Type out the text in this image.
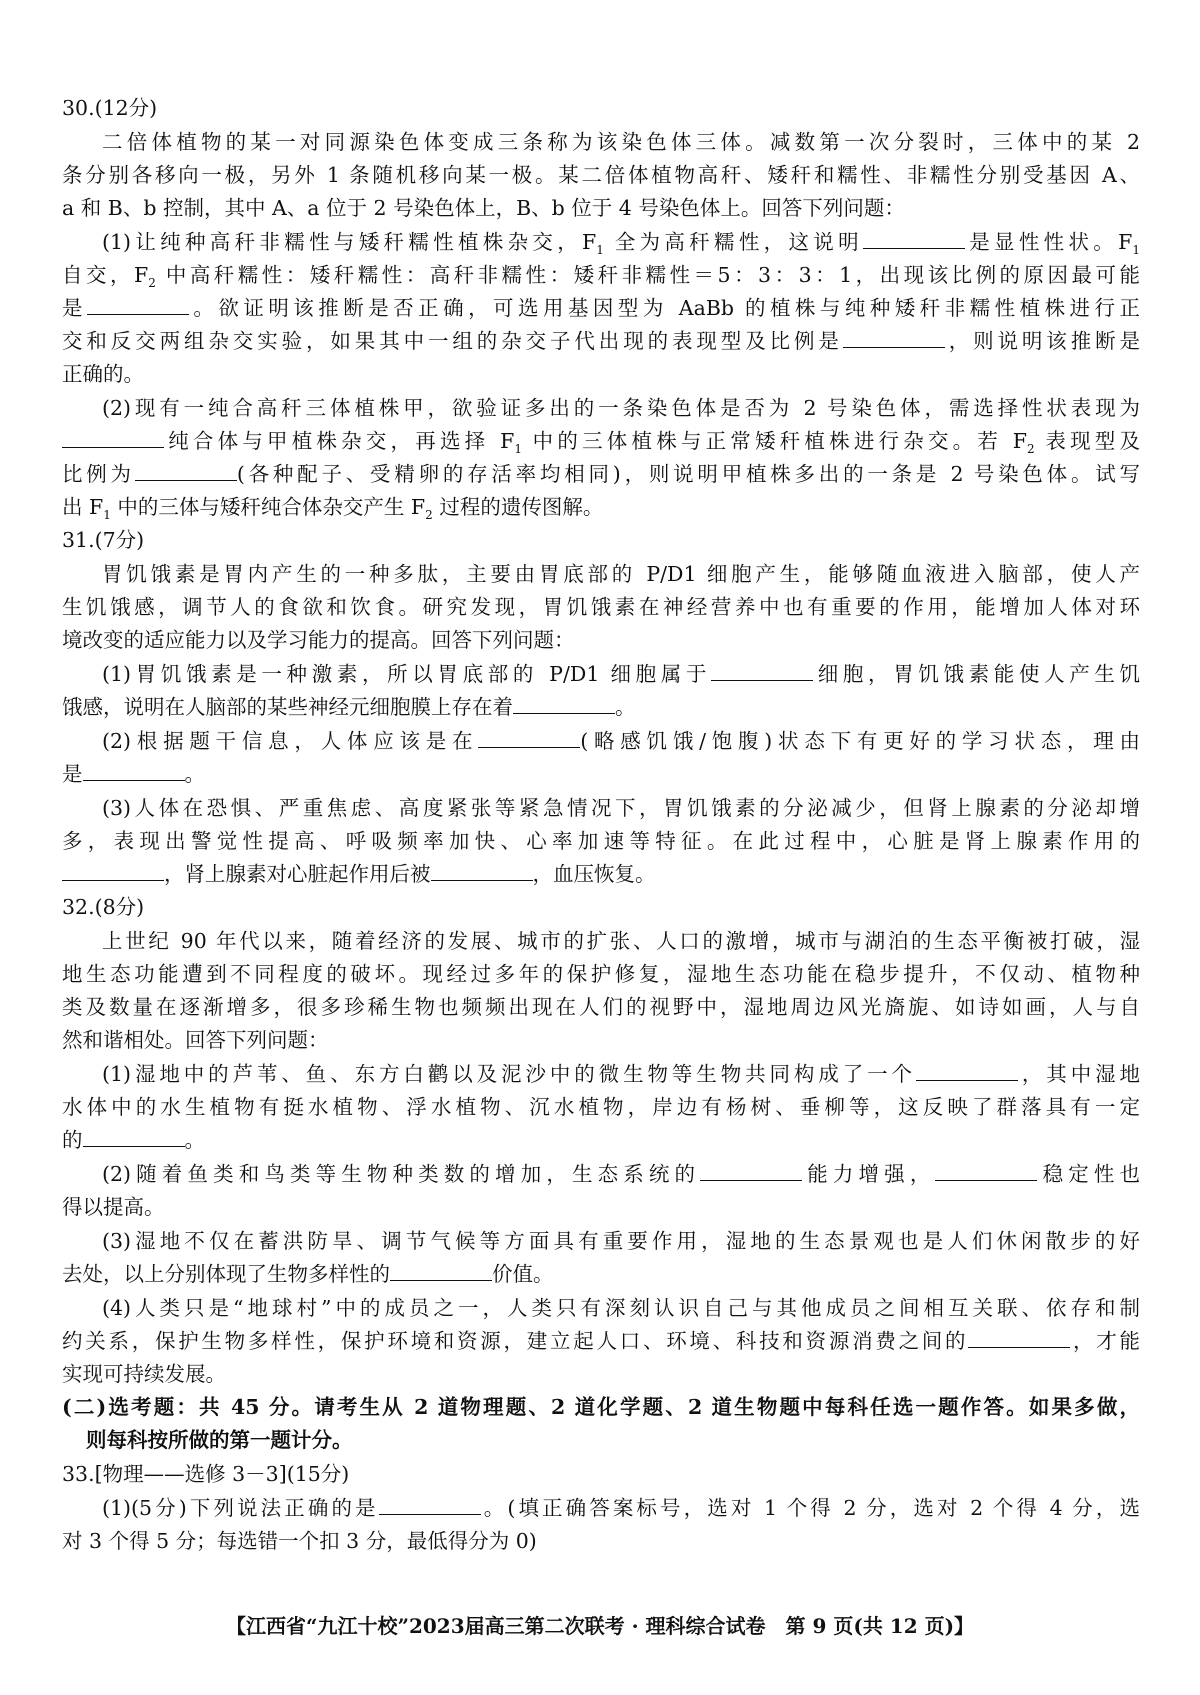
30.(12分)
二倍体植物的某一对同源染色体变成三条称为该染色体三体。减数第一次分裂时，三体中的某 2
条分别各移向一极，另外 1 条随机移向某一极。某二倍体植物高秆、矮秆和糯性、非糯性分别受基因 A、
a 和 B、b 控制，其中 A、a 位于 2 号染色体上，B、b 位于 4 号染色体上。回答下列问题：
(1)让纯种高秆非糯性与矮秆糯性植株杂交，$F_1$ 全为高秆糯性，这说明	是显性性状。$F_1$
自交，$F_2$ 中高秆糯性：矮秆糯性：高秆非糯性：矮秆非糯性＝5：3：3：1，出现该比例的原因最可能
是	。欲证明该推断是否正确，可选用基因型为 AaBb 的植株与纯种矮秆非糯性植株进行正
交和反交两组杂交实验，如果其中一组的杂交子代出现的表现型及比例是	，则说明该推断是
正确的。
(2)现有一纯合高秆三体植株甲，欲验证多出的一条染色体是否为 2 号染色体，需选择性状表现为
纯合体与甲植株杂交，再选择 $F_1$ 中的三体植株与正常矮秆植株进行杂交。若 $F_2$ 表现型及
比例为	(各种配子、受精卵的存活率均相同)，则说明甲植株多出的一条是 2 号染色体。试写
出 $F_1$ 中的三体与矮秆纯合体杂交产生 $F_2$ 过程的遗传图解。
31.(7分)
胃饥饿素是胃内产生的一种多肽，主要由胃底部的 P/D1 细胞产生，能够随血液进入脑部，使人产
生饥饿感，调节人的食欲和饮食。研究发现，胃饥饿素在神经营养中也有重要的作用，能增加人体对环
境改变的适应能力以及学习能力的提高。回答下列问题：
(1)胃饥饿素是一种激素，所以胃底部的 P/D1 细胞属于	细胞，胃饥饿素能使人产生饥
饿感，说明在人脑部的某些神经元细胞膜上存在着	。
(2)根据题干信息，人体应该是在	(略感饥饿/饱腹)状态下有更好的学习状态，理由
是	。
(3)人体在恐惧、严重焦虑、高度紧张等紧急情况下，胃饥饿素的分泌减少，但肾上腺素的分泌却增
多，表现出警觉性提高、呼吸频率加快、心率加速等特征。在此过程中，心脏是肾上腺素作用的
，肾上腺素对心脏起作用后被	，血压恢复。
32.(8分)
上世纪 90 年代以来，随着经济的发展、城市的扩张、人口的激增，城市与湖泊的生态平衡被打破，湿
地生态功能遭到不同程度的破坏。现经过多年的保护修复，湿地生态功能在稳步提升，不仅动、植物种
类及数量在逐渐增多，很多珍稀生物也频频出现在人们的视野中，湿地周边风光旖旎、如诗如画，人与自
然和谐相处。回答下列问题：
(1)湿地中的芦苇、鱼、东方白鹳以及泥沙中的微生物等生物共同构成了一个	，其中湿地
水体中的水生植物有挺水植物、浮水植物、沉水植物，岸边有杨树、垂柳等，这反映了群落具有一定
的	。
(2)随着鱼类和鸟类等生物种类数的增加，生态系统的	能力增强，	稳定性也
得以提高。
(3)湿地不仅在蓄洪防旱、调节气候等方面具有重要作用，湿地的生态景观也是人们休闲散步的好
去处，以上分别体现了生物多样性的	价值。
(4)人类只是“地球村”中的成员之一，人类只有深刻认识自己与其他成员之间相互关联、依存和制
约关系，保护生物多样性，保护环境和资源，建立起人口、环境、科技和资源消费之间的	，才能
实现可持续发展。
(二)选考题：共 45 分。请考生从 2 道物理题、2 道化学题、2 道生物题中每科任选一题作答。如果多做，
则每科按所做的第一题计分。
33.[物理——选修 3－3](15分)
(1)(5分)下列说法正确的是	。(填正确答案标号，选对 1 个得 2 分，选对 2 个得 4 分，选
对 3 个得 5 分；每选错一个扣 3 分，最低得分为 0)
【江西省“九江十校”2023届高三第二次联考 · 理科综合试卷　第 9 页(共 12 页)】
